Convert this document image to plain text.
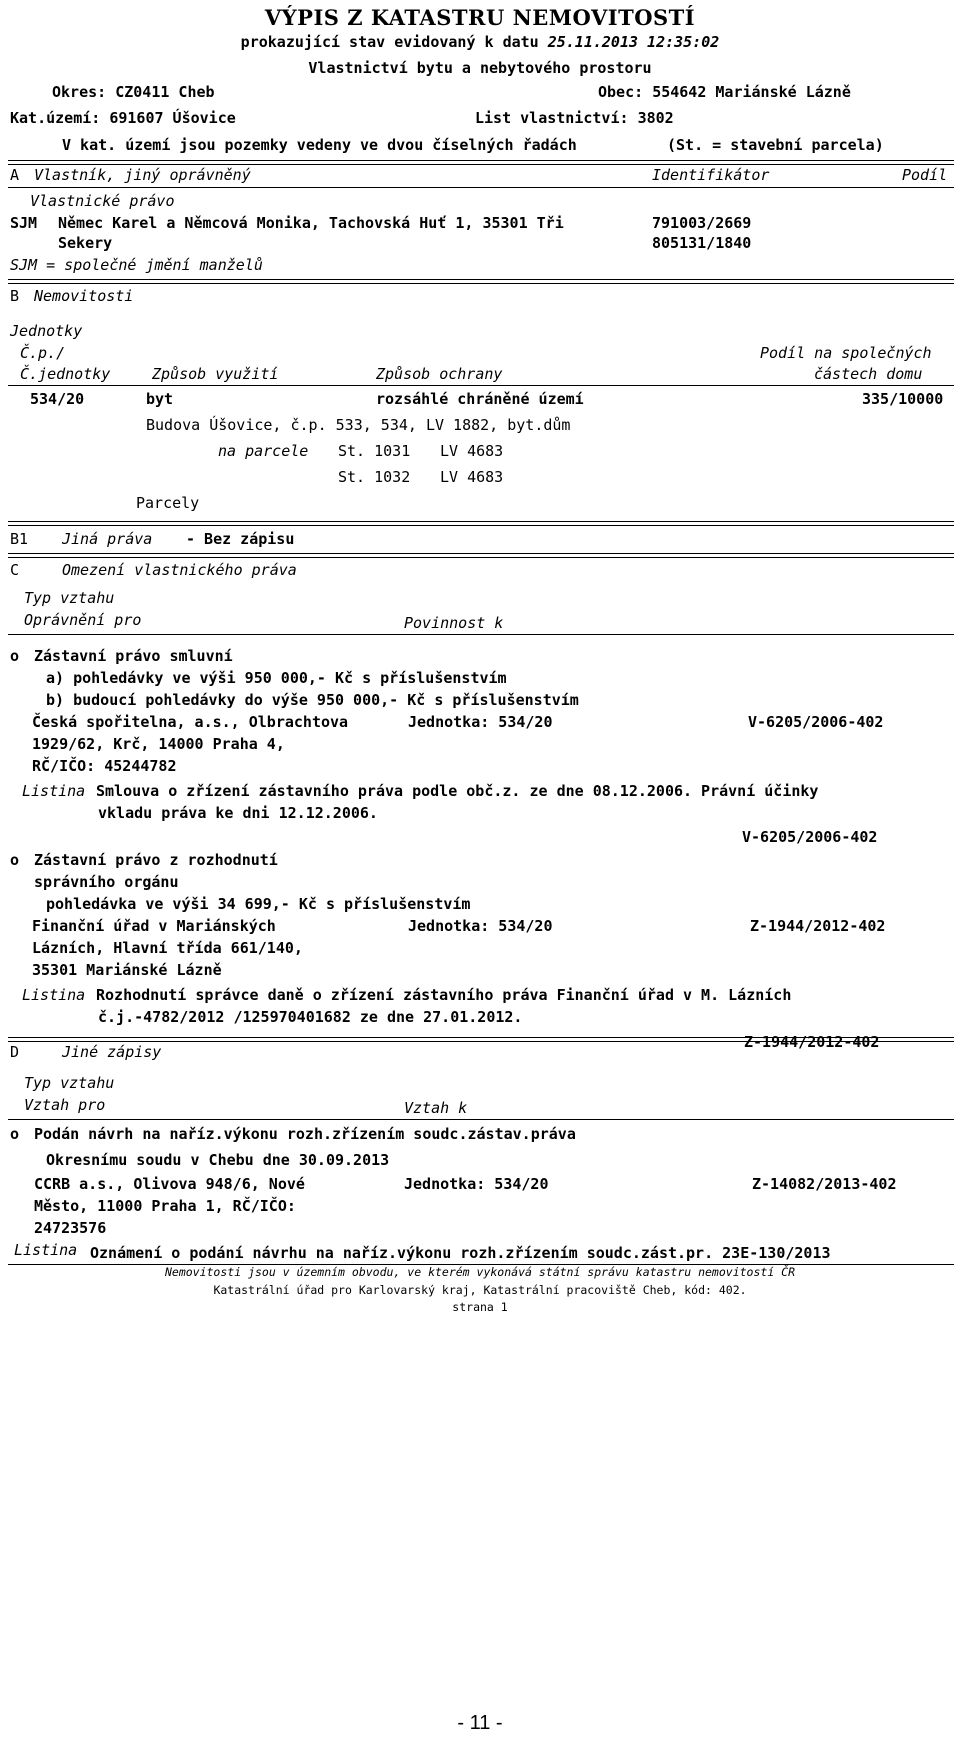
VÝPIS Z KATASTRU NEMOVITOSTÍ
prokazující stav evidovaný k datu 25.11.2013 12:35:02
Vlastnictví bytu a nebytového prostoru
Okres: CZ0411 Cheb	Obec: 554642 Mariánské Lázně
Kat.území: 691607 Úšovice	List vlastnictví: 3802
V kat. území jsou pozemky vedeny ve dvou číselných řadách	(St. = stavební parcela)
A Vlastník, jiný oprávněný	Identifikátor	Podíl
Vlastnické právo
SJM Němec Karel a Němcová Monika, Tachovská Huť 1, 35301 Tři
Sekery
791003/2669
805131/1840
SJM = společné jmění manželů
B Nemovitosti
Jednotky
Č.p./	Podíl na společných
Č.jednotky	Způsob využití	Způsob ochrany	částech domu
534/20	byt	rozsáhlé chráněné území	335/10000
Budova Úšovice, č.p. 533, 534, LV 1882, byt.dům
na parcele St. 1031 LV 4683
St. 1032 LV 4683
Parcely
B1 Jiná práva - Bez zápisu
C	Omezení vlastnického práva
Typ vztahu
Oprávnění pro	Povinnost k
o Zástavní právo smluvní
a) pohledávky ve výši 950 000,- Kč s příslušenstvím
b) budoucí pohledávky do výše 950 000,- Kč s příslušenstvím
Česká spořitelna, a.s., Olbrachtova	Jednotka: 534/20	V-6205/2006-402
1929/62, Krč, 14000 Praha 4,
RČ/IČO: 45244782
Listina Smlouva o zřízení zástavního práva podle obč.z. ze dne 08.12.2006. Právní účinky
vkladu práva ke dni 12.12.2006.
V-6205/2006-402
o Zástavní právo z rozhodnutí
správního orgánu
pohledávka ve výši 34 699,- Kč s příslušenstvím
Finanční úřad v Mariánských	Jednotka: 534/20	Z-1944/2012-402
Lázních, Hlavní třída 661/140,
35301 Mariánské Lázně
Listina Rozhodnutí správce daně o zřízení zástavního práva Finanční úřad v M. Lázních
č.j.-4782/2012 /125970401682 ze dne 27.01.2012.
Z-1944/2012-402
D	Jiné zápisy
Typ vztahu
Vztah pro	Vztah k
o Podán návrh na naříz.výkonu rozh.zřízením soudc.zástav.práva
Okresnímu soudu v Chebu dne 30.09.2013
CCRB a.s., Olivova 948/6, Nové	Jednotka: 534/20	Z-14082/2013-402
Město, 11000 Praha 1, RČ/IČO:
24723576
Listina Oznámení o podání návrhu na naříz.výkonu rozh.zřízením soudc.zást.pr. 23E-130/2013
Nemovitosti jsou v územním obvodu, ve kterém vykonává státní správu katastru nemovitostí ČR
Katastrální úřad pro Karlovarský kraj, Katastrální pracoviště Cheb, kód: 402.
strana 1
- 11 -
